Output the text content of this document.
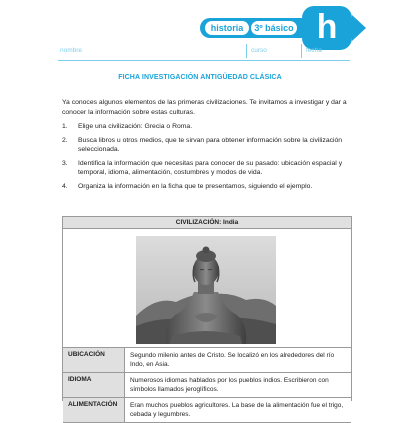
historia	3º básico h
nombre	curso	fecha
FICHA INVESTIGACIÓN ANTIGÜEDAD CLÁSICA
Ya conoces algunos elementos de las primeras civilizaciones. Te invitamos a investigar y dar a conocer la información sobre estas culturas.
1. Elige una civilización: Grecia o Roma.
2. Busca libros u otros medios, que te sirvan para obtener información sobre la civilización seleccionada.
3. Identifica la información que necesitas para conocer de su pasado: ubicación espacial y temporal, idioma, alimentación, costumbres y modos de vida.
4. Organiza la información en la ficha que te presentamos, siguiendo el ejemplo.
CIVILIZACIÓN: India
UBICACIÓN	Segundo milenio antes de Cristo. Se localizó en los alrededores del río Indo, en Asia.
IDIOMA	Numerosos idiomas hablados por los pueblos indios. Escribieron con símbolos llamados jeroglíficos.
ALIMENTACIÓN	Eran muchos pueblos agricultores. La base de la alimentación fue el trigo, cebada y legumbres.
